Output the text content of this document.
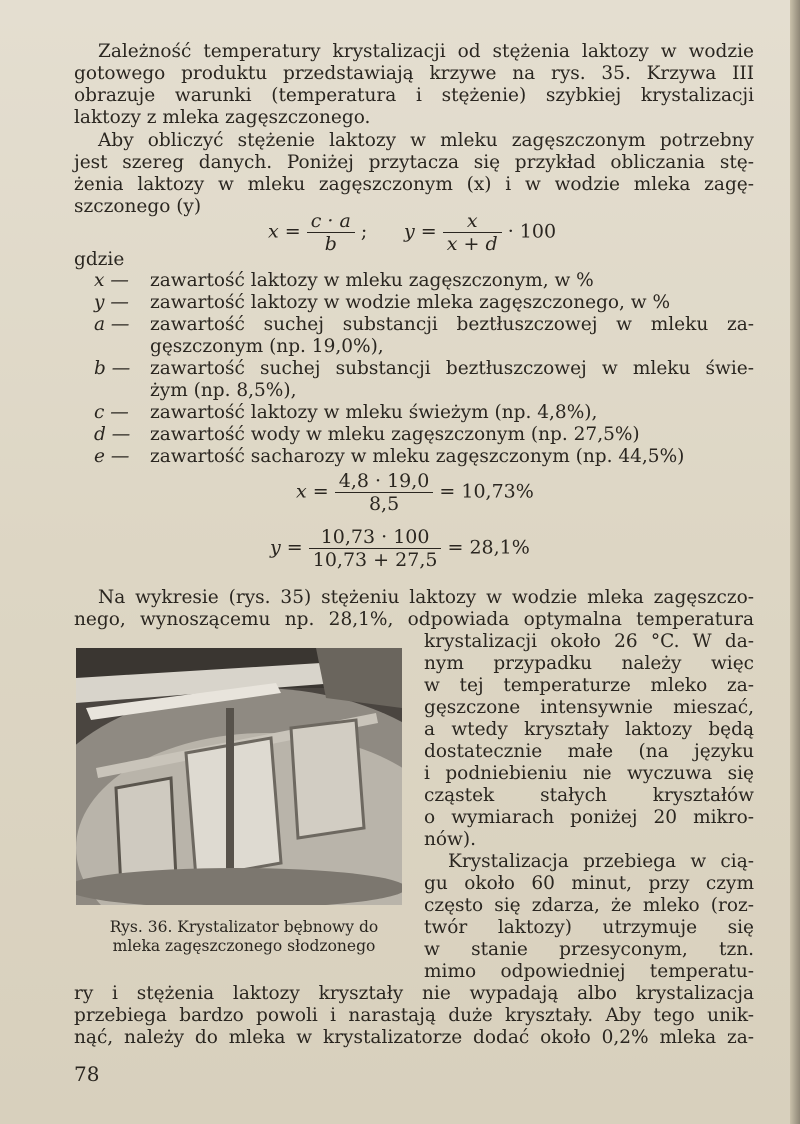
Zależność temperatury krystalizacji od stężenia laktozy w wodzie
gotowego produktu przedstawiają krzywe na rys. 35. Krzywa III
obrazuje warunki (temperatura i stężenie) szybkiej krystalizacji
laktozy z mleka zagęszczonego.
Aby obliczyć stężenie laktozy w mleku zagęszczonym potrzebny
jest szereg danych. Poniżej przytacza się przykład obliczania stę-
żenia laktozy w mleku zagęszczonym (x) i w wodzie mleka zagę-
szczonego (y)
$x = \frac{c \cdot a}{b}$ ; $y = \frac{x}{x + d} \cdot 100$
gdzie
x — zawartość laktozy w mleku zagęszczonym, w %
y — zawartość laktozy w wodzie mleka zagęszczonego, w %
a — zawartość suchej substancji beztłuszczowej w mleku za-
gęszczonym (np. 19,0%),
b — zawartość suchej substancji beztłuszczowej w mleku świe-
żym (np. 8,5%),
c — zawartość laktozy w mleku świeżym (np. 4,8%),
d — zawartość wody w mleku zagęszczonym (np. 27,5%)
e — zawartość sacharozy w mleku zagęszczonym (np. 44,5%)
$x = \frac{4,8 \cdot 19,0}{8,5} = 10,73\%$
$y = \frac{10,73 \cdot 100}{10,73 + 27,5} = 28,1\%$
Na wykresie (rys. 35) stężeniu laktozy w wodzie mleka zagęszczo-
nego, wynoszącemu np. 28,1%, odpowiada optymalna temperatura
Rys. 36. Krystalizator bębnowy do
mleka zagęszczonego słodzonego
krystalizacji około 26 °C. W da-
nym przypadku należy więc
w tej temperaturze mleko za-
gęszczone intensywnie mieszać,
a wtedy kryształy laktozy będą
dostatecznie małe (na języku
i podniebieniu nie wyczuwa się
cząstek stałych kryształów
o wymiarach poniżej 20 mikro-
nów).
Krystalizacja przebiega w cią-
gu około 60 minut, przy czym
często się zdarza, że mleko (roz-
twór laktozy) utrzymuje się
w stanie przesyconym, tzn.
mimo odpowiedniej temperatu-
ry i stężenia laktozy kryształy nie wypadają albo krystalizacja
przebiega bardzo powoli i narastają duże kryształy. Aby tego unik-
nąć, należy do mleka w krystalizatorze dodać około 0,2% mleka za-
78
